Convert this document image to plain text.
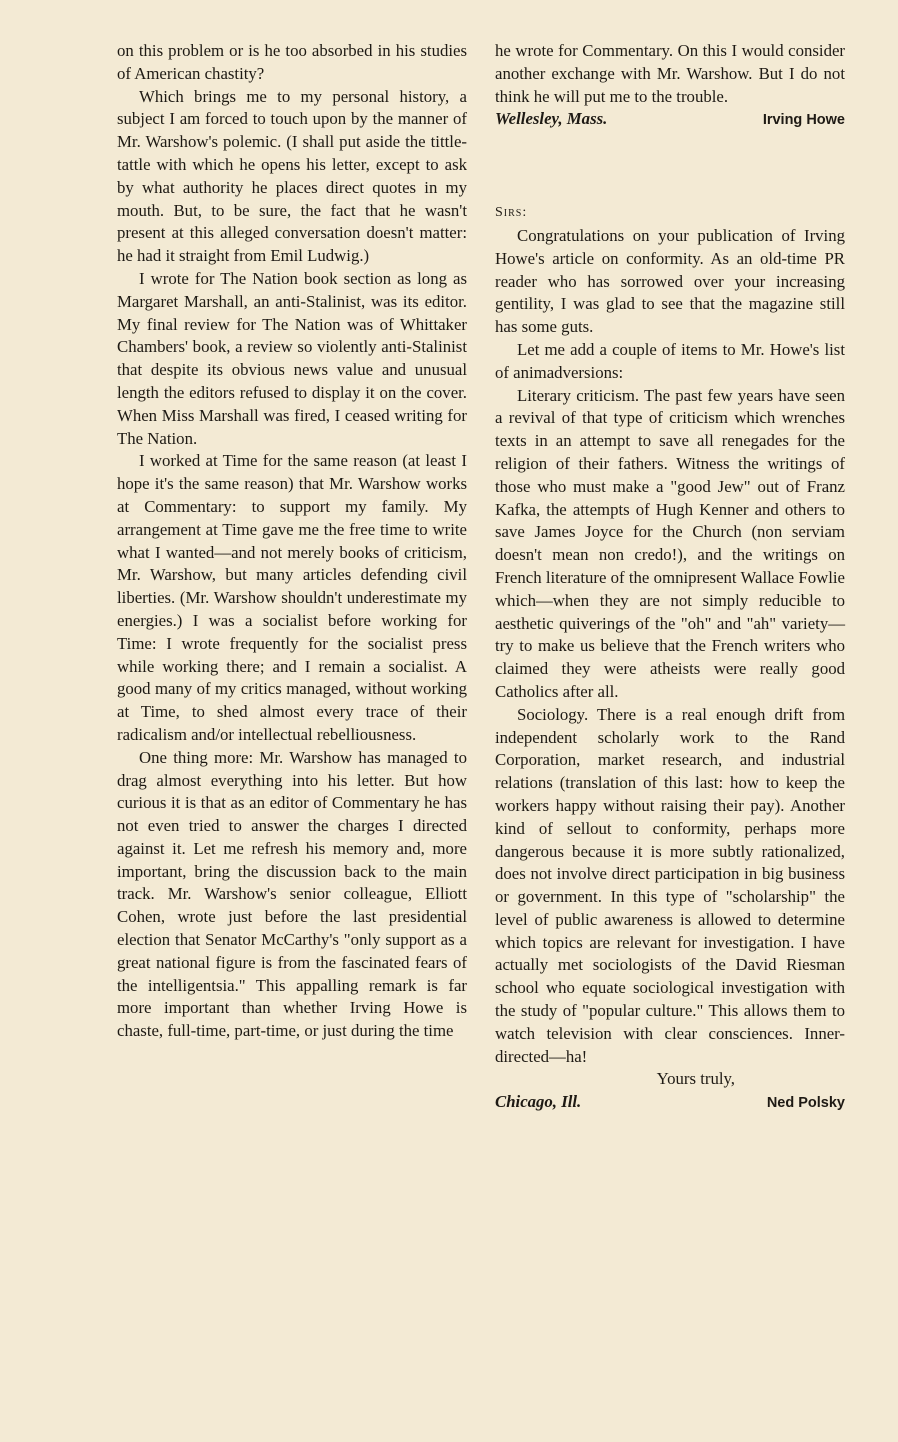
on this problem or is he too absorbed in his studies of American chastity?

Which brings me to my personal history, a subject I am forced to touch upon by the manner of Mr. Warshow's polemic. (I shall put aside the tittle-tattle with which he opens his letter, except to ask by what authority he places direct quotes in my mouth. But, to be sure, the fact that he wasn't present at this alleged conversation doesn't matter: he had it straight from Emil Ludwig.)

I wrote for The Nation book section as long as Margaret Marshall, an anti-Stalinist, was its editor. My final review for The Nation was of Whittaker Chambers' book, a review so violently anti-Stalinist that despite its obvious news value and unusual length the editors refused to display it on the cover. When Miss Marshall was fired, I ceased writing for The Nation.

I worked at Time for the same reason (at least I hope it's the same reason) that Mr. Warshow works at Commentary: to support my family. My arrangement at Time gave me the free time to write what I wanted—and not merely books of criticism, Mr. Warshow, but many articles defending civil liberties. (Mr. Warshow shouldn't underestimate my energies.) I was a socialist before working for Time: I wrote frequently for the socialist press while working there; and I remain a socialist. A good many of my critics managed, without working at Time, to shed almost every trace of their radicalism and/or intellectual rebelliousness.

One thing more: Mr. Warshow has managed to drag almost everything into his letter. But how curious it is that as an editor of Commentary he has not even tried to answer the charges I directed against it. Let me refresh his memory and, more important, bring the discussion back to the main track. Mr. Warshow's senior colleague, Elliott Cohen, wrote just before the last presidential election that Senator McCarthy's "only support as a great national figure is from the fascinated fears of the intelligentsia." This appalling remark is far more important than whether Irving Howe is chaste, full-time, part-time, or just during the time

he wrote for Commentary. On this I would consider another exchange with Mr. Warshow. But I do not think he will put me to the trouble.

Wellesley, Mass.	Irving Howe

Sirs:

Congratulations on your publication of Irving Howe's article on conformity. As an old-time PR reader who has sorrowed over your increasing gentility, I was glad to see that the magazine still has some guts.

Let me add a couple of items to Mr. Howe's list of animadversions:

Literary criticism. The past few years have seen a revival of that type of criticism which wrenches texts in an attempt to save all renegades for the religion of their fathers. Witness the writings of those who must make a "good Jew" out of Franz Kafka, the attempts of Hugh Kenner and others to save James Joyce for the Church (non serviam doesn't mean non credo!), and the writings on French literature of the omnipresent Wallace Fowlie which—when they are not simply reducible to aesthetic quiverings of the "oh" and "ah" variety—try to make us believe that the French writers who claimed they were atheists were really good Catholics after all.

Sociology. There is a real enough drift from independent scholarly work to the Rand Corporation, market research, and industrial relations (translation of this last: how to keep the workers happy without raising their pay). Another kind of sellout to conformity, perhaps more dangerous because it is more subtly rationalized, does not involve direct participation in big business or government. In this type of "scholarship" the level of public awareness is allowed to determine which topics are relevant for investigation. I have actually met sociologists of the David Riesman school who equate sociological investigation with the study of "popular culture." This allows them to watch television with clear consciences. Inner-directed—ha!

Yours truly,

Chicago, Ill.	Ned Polsky
